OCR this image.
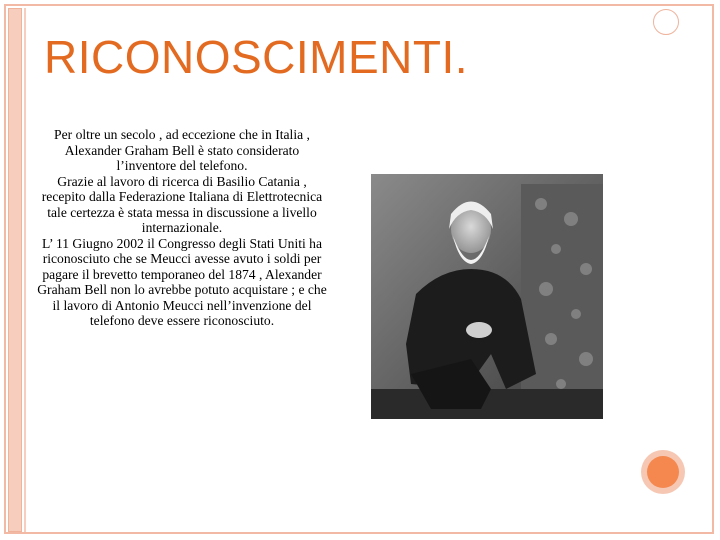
RICONOSCIMENTI.

Per oltre un secolo , ad eccezione che in Italia ,

Alexander Graham Bell è stato considerato l’inventore del telefono.

Grazie al lavoro di ricerca di Basilio Catania , recepito dalla Federazione Italiana di Elettrotecnica tale certezza è stata messa in discussione a livello internazionale.

L’ 11 Giugno 2002 il Congresso degli Stati Uniti ha riconosciuto che se Meucci avesse avuto i soldi per pagare il brevetto temporaneo del 1874 , Alexander Graham Bell non lo avrebbe potuto acquistare ; e che il lavoro di Antonio Meucci nell’invenzione del telefono deve essere riconosciuto.
